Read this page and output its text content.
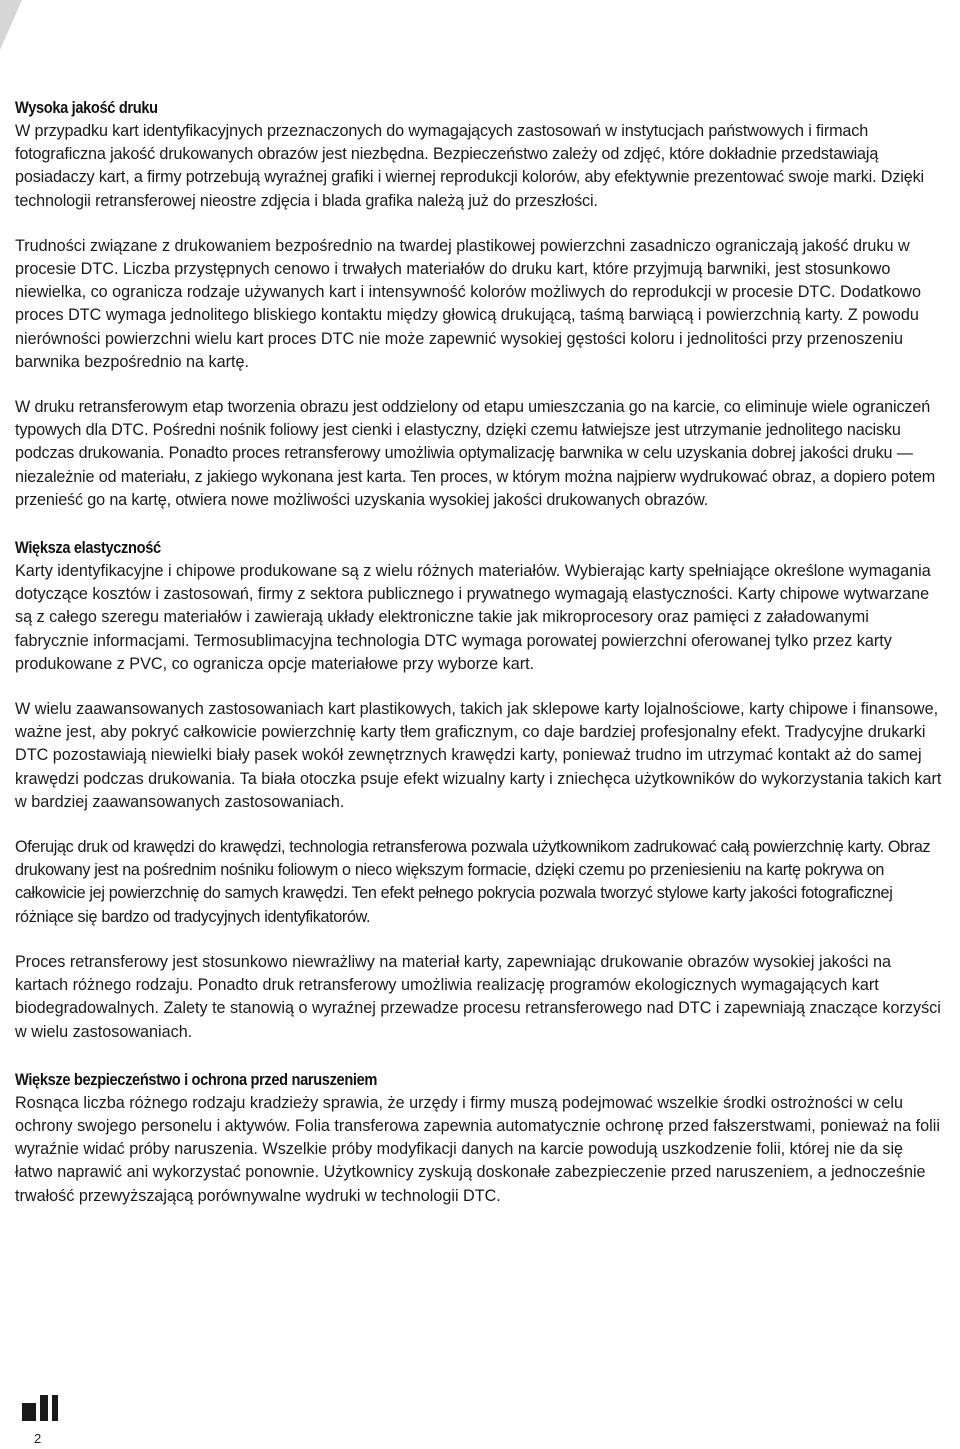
Wysoka jakość druku

W przypadku kart identyfikacyjnych przeznaczonych do wymagających zastosowań w instytucjach państwowych i firmach fotograficzna jakość drukowanych obrazów jest niezbędna. Bezpieczeństwo zależy od zdjęć, które dokładnie przedstawiają posiadaczy kart, a firmy potrzebują wyraźnej grafiki i wiernej reprodukcji kolorów, aby efektywnie prezentować swoje marki. Dzięki technologii retransferowej nieostre zdjęcia i blada grafika należą już do przeszłości.

Trudności związane z drukowaniem bezpośrednio na twardej plastikowej powierzchni zasadniczo ograniczają jakość druku w procesie DTC. Liczba przystępnych cenowo i trwałych materiałów do druku kart, które przyjmują barwniki, jest stosunkowo niewielka, co ogranicza rodzaje używanych kart i intensywność kolorów możliwych do reprodukcji w procesie DTC. Dodatkowo proces DTC wymaga jednolitego bliskiego kontaktu między głowicą drukującą, taśmą barwiącą i powierzchnią karty. Z powodu nierówności powierzchni wielu kart proces DTC nie może zapewnić wysokiej gęstości koloru i jednolitości przy przenoszeniu barwnika bezpośrednio na kartę.

W druku retransferowym etap tworzenia obrazu jest oddzielony od etapu umieszczania go na karcie, co eliminuje wiele ograniczeń typowych dla DTC. Pośredni nośnik foliowy jest cienki i elastyczny, dzięki czemu łatwiejsze jest utrzymanie jednolitego nacisku podczas drukowania. Ponadto proces retransferowy umożliwia optymalizację barwnika w celu uzyskania dobrej jakości druku — niezależnie od materiału, z jakiego wykonana jest karta. Ten proces, w którym można najpierw wydrukować obraz, a dopiero potem przenieść go na kartę, otwiera nowe możliwości uzyskania wysokiej jakości drukowanych obrazów.

Większa elastyczność

Karty identyfikacyjne i chipowe produkowane są z wielu różnych materiałów. Wybierając karty spełniające określone wymagania dotyczące kosztów i zastosowań, firmy z sektora publicznego i prywatnego wymagają elastyczności. Karty chipowe wytwarzane są z całego szeregu materiałów i zawierają układy elektroniczne takie jak mikroprocesory oraz pamięci z załadowanymi fabrycznie informacjami. Termosublimacyjna technologia DTC wymaga porowatej powierzchni oferowanej tylko przez karty produkowane z PVC, co ogranicza opcje materiałowe przy wyborze kart.

W wielu zaawansowanych zastosowaniach kart plastikowych, takich jak sklepowe karty lojalnościowe, karty chipowe i finansowe, ważne jest, aby pokryć całkowicie powierzchnię karty tłem graficznym, co daje bardziej profesjonalny efekt. Tradycyjne drukarki DTC pozostawiają niewielki biały pasek wokół zewnętrznych krawędzi karty, ponieważ trudno im utrzymać kontakt aż do samej krawędzi podczas drukowania. Ta biała otoczka psuje efekt wizualny karty i zniechęca użytkowników do wykorzystania takich kart w bardziej zaawansowanych zastosowaniach.

Oferując druk od krawędzi do krawędzi, technologia retransferowa pozwala użytkownikom zadrukować całą powierzchnię karty. Obraz drukowany jest na pośrednim nośniku foliowym o nieco większym formacie, dzięki czemu po przeniesieniu na kartę pokrywa on całkowicie jej powierzchnię do samych krawędzi. Ten efekt pełnego pokrycia pozwala tworzyć stylowe karty jakości fotograficznej różniące się bardzo od tradycyjnych identyfikatorów.

Proces retransferowy jest stosunkowo niewrażliwy na materiał karty, zapewniając drukowanie obrazów wysokiej jakości na kartach różnego rodzaju. Ponadto druk retransferowy umożliwia realizację programów ekologicznych wymagających kart biodegradowalnych. Zalety te stanowią o wyraźnej przewadze procesu retransferowego nad DTC i zapewniają znaczące korzyści w wielu zastosowaniach.

Większe bezpieczeństwo i ochrona przed naruszeniem

Rosnąca liczba różnego rodzaju kradzieży sprawia, że urzędy i firmy muszą podejmować wszelkie środki ostrożności w celu ochrony swojego personelu i aktywów. Folia transferowa zapewnia automatycznie ochronę przed fałszerstwami, ponieważ na folii wyraźnie widać próby naruszenia. Wszelkie próby modyfikacji danych na karcie powodują uszkodzenie folii, której nie da się łatwo naprawić ani wykorzystać ponownie. Użytkownicy zyskują doskonałe zabezpieczenie przed naruszeniem, a jednocześnie trwałość przewyższającą porównywalne wydruki w technologii DTC.

2
